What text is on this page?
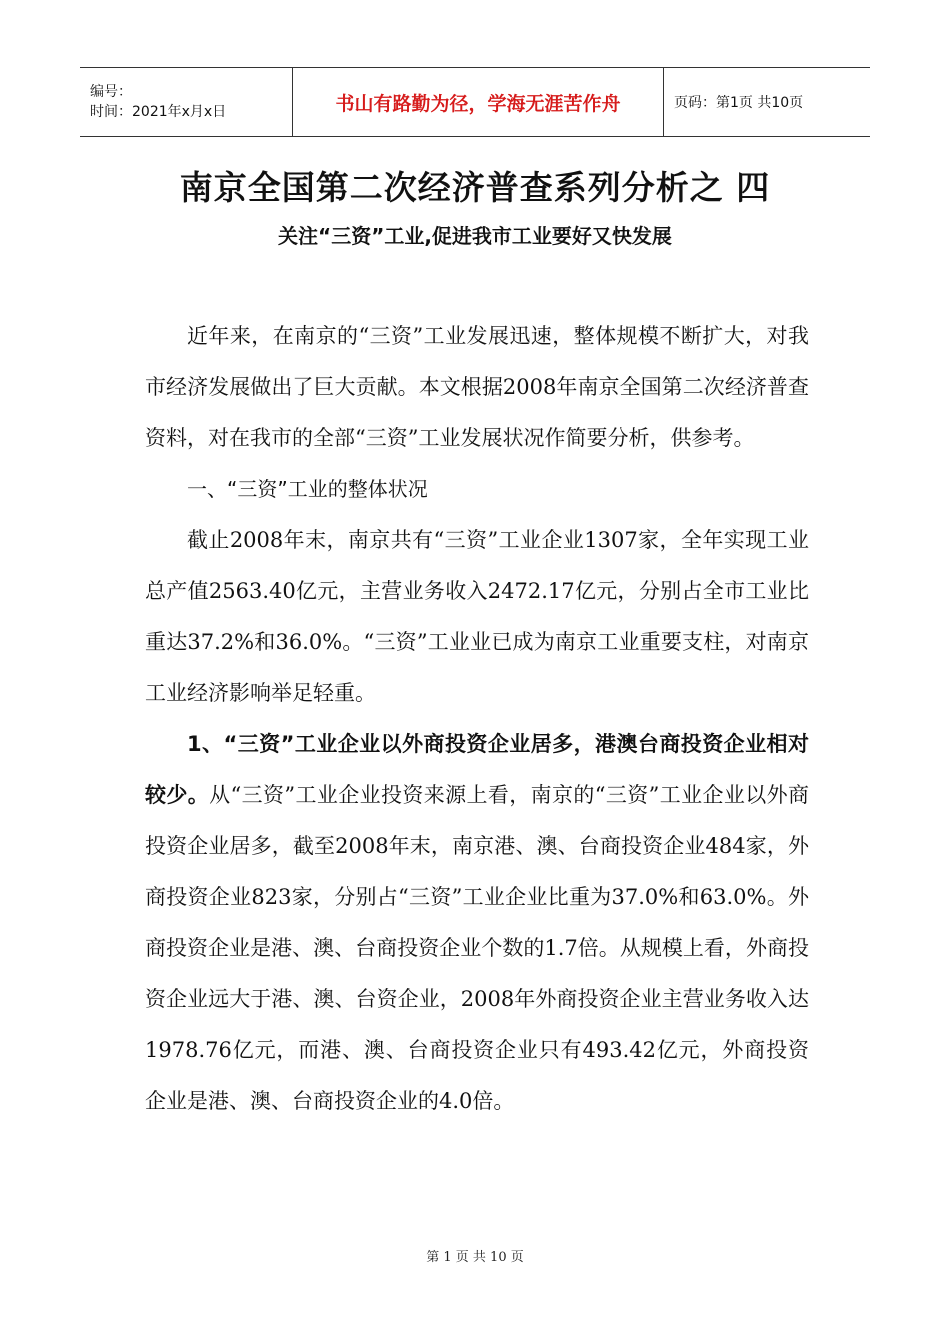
编号：
时间：2021年x月x日	书山有路勤为径，学海无涯苦作舟	页码：第1页 共10页
南京全国第二次经济普查系列分析之 四
关注“三资”工业,促进我市工业要好又快发展

近年来，在南京的“三资”工业发展迅速，整体规模不断扩大，对我市经济发展做出了巨大贡献。本文根据2008年南京全国第二次经济普查资料，对在我市的全部“三资”工业发展状况作简要分析，供参考。

一、“三资”工业的整体状况

截止2008年末，南京共有“三资”工业企业1307家，全年实现工业总产值2563.40亿元，主营业务收入2472.17亿元，分别占全市工业比重达37.2%和36.0%。“三资”工业业已成为南京工业重要支柱，对南京工业经济影响举足轻重。

1、“三资”工业企业以外商投资企业居多，港澳台商投资企业相对较少。从“三资”工业企业投资来源上看，南京的“三资”工业企业以外商投资企业居多，截至2008年末，南京港、澳、台商投资企业484家，外商投资企业823家，分别占“三资”工业企业比重为37.0%和63.0%。外商投资企业是港、澳、台商投资企业个数的1.7倍。从规模上看，外商投资企业远大于港、澳、台资企业，2008年外商投资企业主营业务收入达1978.76亿元，而港、澳、台商投资企业只有493.42亿元，外商投资企业是港、澳、台商投资企业的4.0倍。

第 1 页 共 10 页
